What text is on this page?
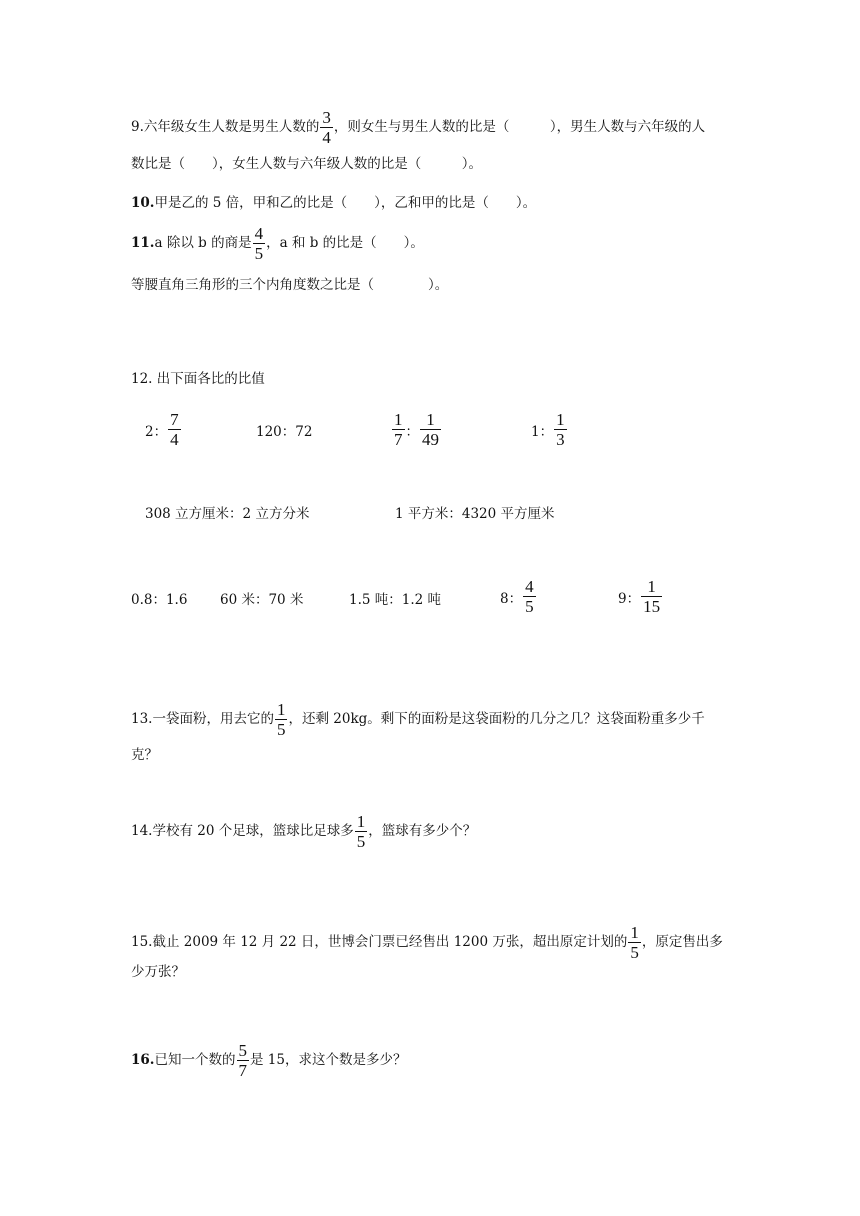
9.六年级女生人数是男生人数的 $\frac{3}{4}$ ，则女生与男生人数的比是（　　　），男生人数与六年级的人
数比是（　　），女生人数与六年级人数的比是（　　　）。
10.甲是乙的 5 倍，甲和乙的比是（　　），乙和甲的比是（　　）。
11.a 除以 b 的商是 $\frac{4}{5}$ ，a 和 b 的比是（　　）。
等腰直角三角形的三个内角度数之比是（　　　　）。
12. 出下面各比的比值
2： $\frac{7}{4}$	120：72	$\frac{1}{7}$ ： $\frac{1}{49}$	1： $\frac{1}{3}$
308 立方厘米：2 立方分米	1 平方米：4320 平方厘米
0.8：1.6 60 米：70 米	1.5 吨：1.2 吨	8： $\frac{4}{5}$	9： $\frac{1}{15}$
13.一袋面粉，用去它的 $\frac{1}{5}$ ，还剩 20kg。剩下的面粉是这袋面粉的几分之几？这袋面粉重多少千
克？
14.学校有 20 个足球，篮球比足球多 $\frac{1}{5}$ ，篮球有多少个？
15.截止 2009 年 12 月 22 日，世博会门票已经售出 1200 万张，超出原定计划的 $\frac{1}{5}$ ，原定售出多
少万张？
16.已知一个数的 $\frac{5}{7}$ 是 15，求这个数是多少？
